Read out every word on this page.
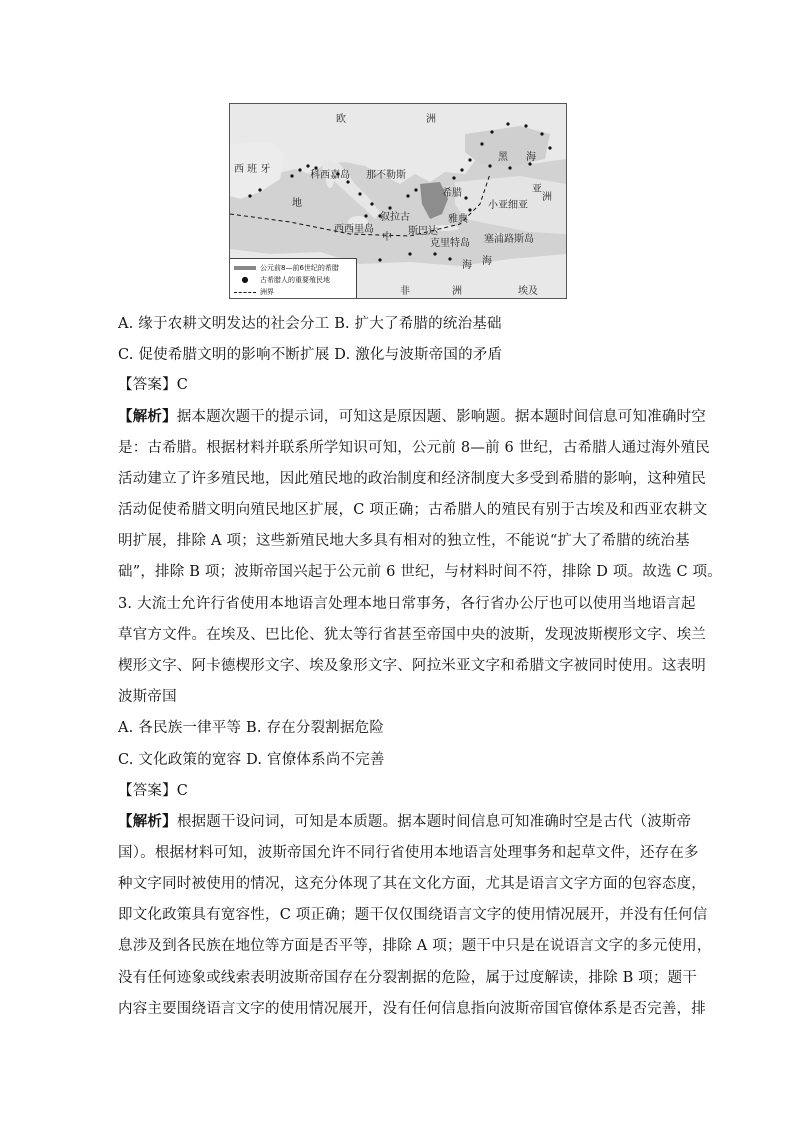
欧	洲
西 班 牙
科西嘉岛 那不勒斯
黑 海
亚
洲
小亚细亚
地
中
海
西西里岛
叙拉古
斯巴达
希腊
雅典
克里特岛 塞浦路斯岛
海
非	洲	埃及
公元前8—前6世纪的希腊
●	古希腊人的重要殖民地
洲界
A. 缘于农耕文明发达的社会分工 B. 扩大了希腊的统治基础
C. 促使希腊文明的影响不断扩展 D. 激化与波斯帝国的矛盾
【答案】C
【解析】据本题次题干的提示词，可知这是原因题、影响题。据本题时间信息可知准确时空
是：古希腊。根据材料并联系所学知识可知，公元前 8—前 6 世纪，古希腊人通过海外殖民
活动建立了许多殖民地，因此殖民地的政治制度和经济制度大多受到希腊的影响，这种殖民
活动促使希腊文明向殖民地区扩展，C 项正确；古希腊人的殖民有别于古埃及和西亚农耕文
明扩展，排除 A 项；这些新殖民地大多具有相对的独立性，不能说“扩大了希腊的统治基
础”，排除 B 项；波斯帝国兴起于公元前 6 世纪，与材料时间不符，排除 D 项。故选 C 项。
3. 大流士允许行省使用本地语言处理本地日常事务，各行省办公厅也可以使用当地语言起
草官方文件。在埃及、巴比伦、犹太等行省甚至帝国中央的波斯，发现波斯楔形文字、埃兰
楔形文字、阿卡德楔形文字、埃及象形文字、阿拉米亚文字和希腊文字被同时使用。这表明
波斯帝国
A. 各民族一律平等 B. 存在分裂割据危险
C. 文化政策的宽容 D. 官僚体系尚不完善
【答案】C
【解析】根据题干设问词，可知是本质题。据本题时间信息可知准确时空是古代（波斯帝
国）。根据材料可知，波斯帝国允许不同行省使用本地语言处理事务和起草文件，还存在多
种文字同时被使用的情况，这充分体现了其在文化方面，尤其是语言文字方面的包容态度，
即文化政策具有宽容性，C 项正确；题干仅仅围绕语言文字的使用情况展开，并没有任何信
息涉及到各民族在地位等方面是否平等，排除 A 项；题干中只是在说语言文字的多元使用，
没有任何迹象或线索表明波斯帝国存在分裂割据的危险，属于过度解读，排除 B 项；题干
内容主要围绕语言文字的使用情况展开，没有任何信息指向波斯帝国官僚体系是否完善，排
